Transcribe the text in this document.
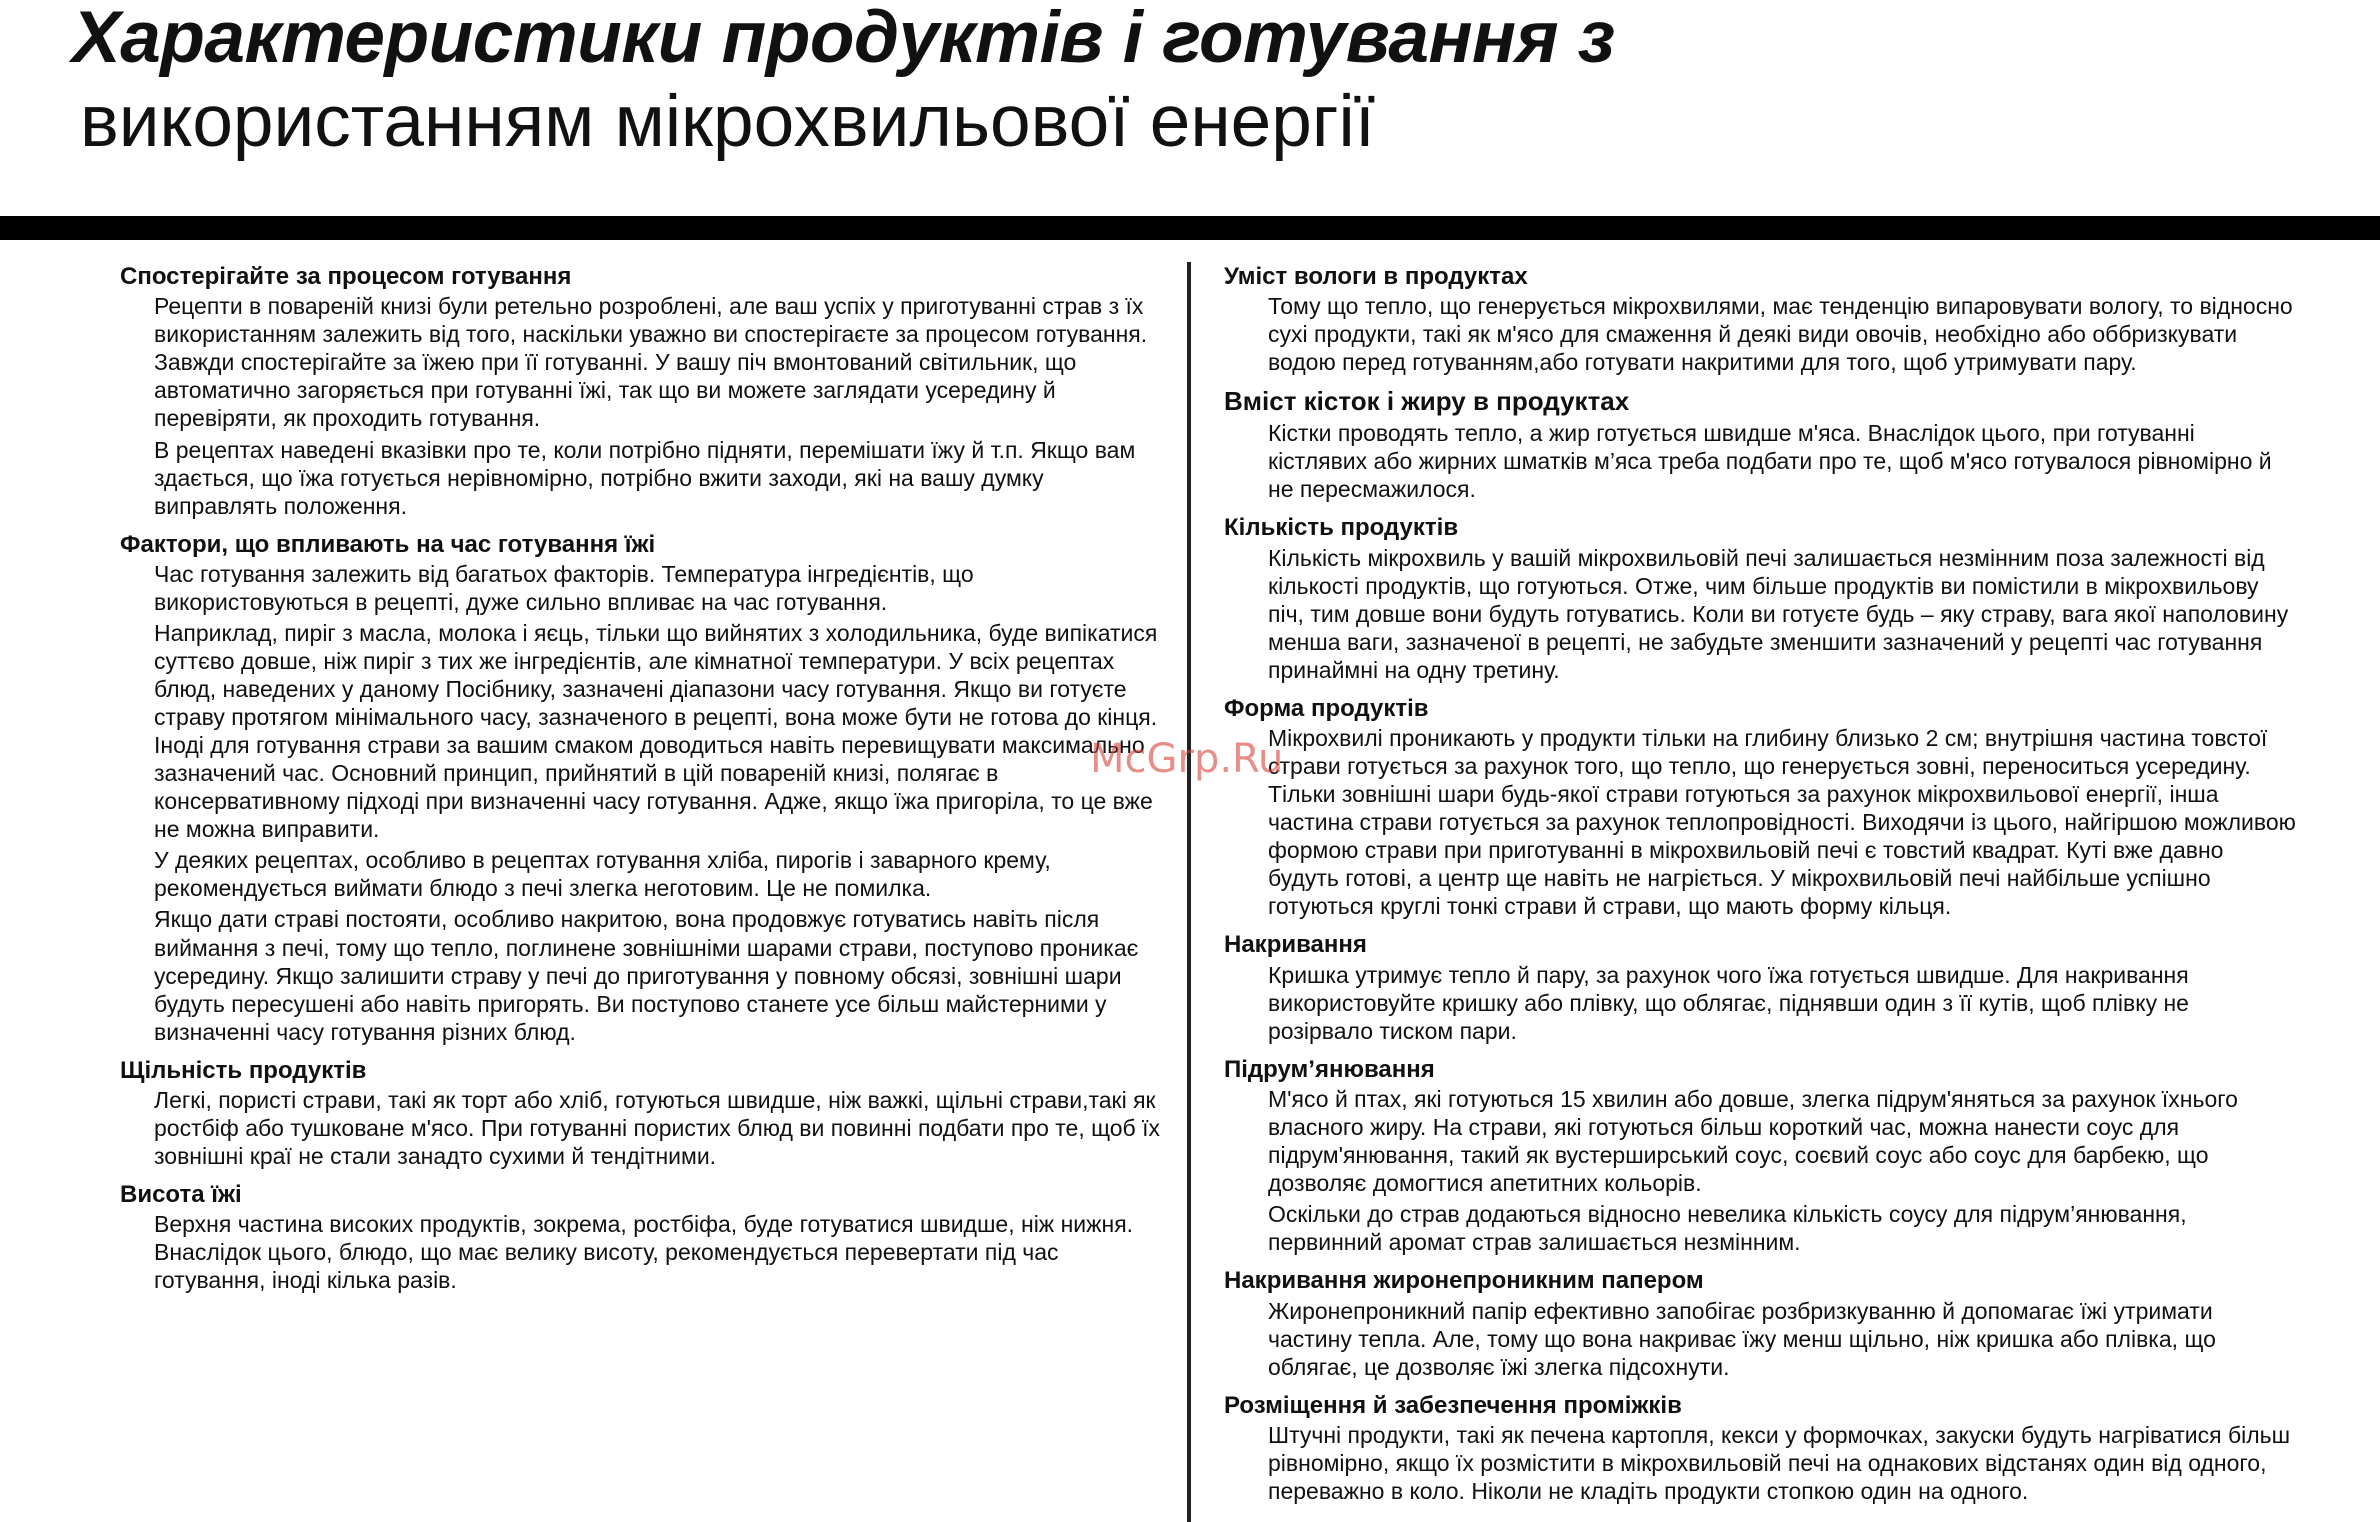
Характеристики продуктів і готування з
використанням мікрохвильової енергії
Спостерігайте за процесом готування
Рецепти в поваренiй книзi були ретельно розробленi, але ваш успiх у приготуваннi страв з їх використанням залежить вiд того, наскiльки уважно ви спостерiгаєте за процесом готування. Завжди спостерiгайте за їжею при її готуваннi. У вашу пiч вмонтований свiтильник, що автоматично загоряється при готуваннi їжi, так що ви можете заглядати усередину й перевiряти, як проходить готування.
В рецептах наведенi вказiвки про те, коли потрiбно пiдняти, перемiшати їжу й т.п. Якщо вам здається, що їжа готується нерiвномiрно, потрiбно вжити заходи, якi на вашу думку виправлять положення.
Фактори, що впливають на час готування їжі
Час готування залежить вiд багатьох факторiв. Температура iнгредiєнтiв, що використовуються в рецептi, дуже сильно впливає на час готування.
Наприклад, пирiг з масла, молока i яєць, тiльки що вийнятих з холодильника, буде випiкатися суттєво довше, нiж пирiг з тих же iнгредiєнтiв, але кiмнатної температури. У всiх рецептах блюд, наведених у даному Посiбнику, зазначенi дiапазони часу готування. Якщо ви готуєте страву протягом мiнiмального часу, зазначеного в рецептi, вона може бути не готова до кiнця. Iнодi для готування страви за вашим смаком доводиться навiть перевищувати максимально зазначений час. Основний принцип, прийнятий в цiй поваренiй книзi, полягає в консервативному пiдходi при визначеннi часу готування. Адже, якщо їжа пригорiла, то це вже не можна виправити.
У деяких рецептах, особливо в рецептах готування хлiба, пирогiв i заварного крему, рекомендується виймати блюдо з печi злегка неготовим. Це не помилка.
Якщо дати стравi постояти, особливо накритою, вона продовжує готуватись навiть пiсля виймання з печi, тому що тепло, поглинене зовнiшнiми шарами страви, поступово проникає усередину. Якщо залишити страву у печi до приготування у повному обсязi, зовнiшнi шари будуть пересушенi або навiть пригорять. Ви поступово станете усе бiльш майстерними у визначеннi часу готування рiзних блюд.
Щільність продуктів
Легкi, пористi страви, такi як торт або хлiб, готуються швидше, нiж важкi, щiльнi страви,такi як ростбiф або тушковане м'ясо. При готуваннi пористих блюд ви повиннi подбати про те, щоб їх зовнiшнi краї не стали занадто сухими й тендiтними.
Висота їжі
Верхня частина високих продуктiв, зокрема, ростбiфа, буде готуватися швидше, нiж нижня. Внаслiдок цього, блюдо, що має велику висоту, рекомендується перевертати пiд час готування, iнодi кiлька разiв.
Уміст вологи в продуктах
Тому що тепло, що генерується мiкрохвилями, має тенденцiю випаровувати вологу, то вiдносно сухi продукти, такi як м'ясо для смаження й деякi види овочiв, необхiдно або оббризкувати водою перед готуванням,або готувати накритими для того, щоб утримувати пару.
Вміст кісток і жиру в продуктах
Кiстки проводять тепло, а жир готується швидше м'яса. Внаслiдок цього, при готуваннi кiстлявих або жирних шматкiв м’яса треба подбати про те, щоб м'ясо готувалося рiвномiрно й не пересмажилося.
Кількість продуктів
Кiлькiсть мiкрохвиль у вашiй мiкрохвильовiй печi залишається незмiнним поза залежностi вiд кiлькостi продуктiв, що готуються. Отже, чим бiльше продуктiв ви помiстили в мiкрохвильову пiч, тим довше вони будуть готуватись. Коли ви готуєте будь – яку страву, вага якої наполовину менша ваги, зазначеної в рецептi, не забудьте зменшити зазначений у рецептi час готування принаймнi на одну третину.
Форма продуктів
Мiкрохвилi проникають у продукти тiльки на глибину близько 2 см; внутрiшня частина товстої страви готується за рахунок того, що тепло, що генерується зовнi, переноситься усередину. Тiльки зовнiшнi шари будь-якої страви готуються за рахунок мiкрохвильової енергiї, iнша частина страви готується за рахунок теплопровiдностi. Виходячи iз цього, найгiршою можливою формою страви при приготуваннi в мiкрохвильовiй печi є товстий квадрат. Кутi вже давно будуть готовi, а центр ще навiть не нагрiється. У мiкрохвильовiй печi найбiльше успiшно готуються круглi тонкi страви й страви, що мають форму кiльця.
Накривання
Кришка утримує тепло й пару, за рахунок чого їжа готується швидше. Для накривання використовуйте кришку або плiвку, що облягає, пiднявши один з її кутiв, щоб плiвку не розiрвало тиском пари.
Підрум’янювання
М'ясо й птах, якi готуються 15 хвилин або довше, злегка пiдрум'яняться за рахунок їхнього власного жиру. На страви, якi готуються бiльш короткий час, можна нанести соус для пiдрум'янювання, такий як вустерширський соус, соєвий соус або соус для барбекю, що дозволяє домогтися апетитних кольорiв.
Оскiльки до страв додаються вiдносно невелика кiлькiсть соусу для пiдрум’янювання, первинний аромат страв залишається незмiнним.
Накривання жиронепроникним папером
Жиронепроникний папiр ефективно запобiгає розбризкуванню й допомагає їжi утримати частину тепла. Але, тому що вона накриває їжу менш щiльно, нiж кришка або плiвка, що облягає, це дозволяє їжi злегка пiдсохнути.
Розміщення й забезпечення проміжків
Штучнi продукти, такi як печена картопля, кекси у формочках, закуски будуть нагрiватися бiльш рiвномiрно, якщо їх розмiстити в мiкрохвильовiй печi на однакових вiдстанях один вiд одного, переважно в коло. Нiколи не кладiть продукти стопкою один на одного.
McGrp.Ru
